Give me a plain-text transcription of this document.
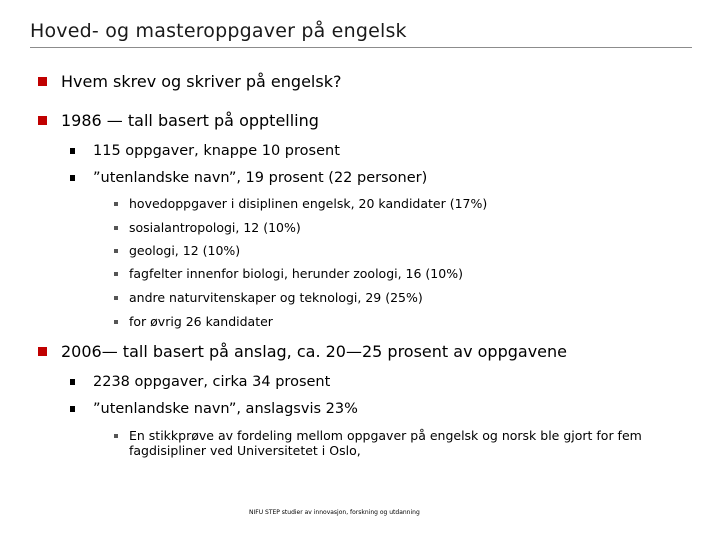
Hoved- og masteroppgaver på engelsk
Hvem skrev og skriver på engelsk?
1986 — tall basert på opptelling
115 oppgaver, knappe 10 prosent
”utenlandske navn”, 19 prosent (22 personer)
hovedoppgaver i disiplinen engelsk, 20 kandidater (17%)
sosialantropologi, 12 (10%)
geologi, 12 (10%)
fagfelter innenfor biologi, herunder zoologi, 16 (10%)
andre naturvitenskaper og teknologi, 29 (25%)
for øvrig 26 kandidater
2006— tall basert på anslag, ca. 20—25 prosent av oppgavene
2238 oppgaver, cirka 34 prosent
”utenlandske navn”, anslagsvis 23%
En stikkprøve av fordeling mellom oppgaver på engelsk og norsk ble gjort for fem fagdisipliner ved Universitetet i Oslo,
NIFU STEP studier av innovasjon, forskning og utdanning
